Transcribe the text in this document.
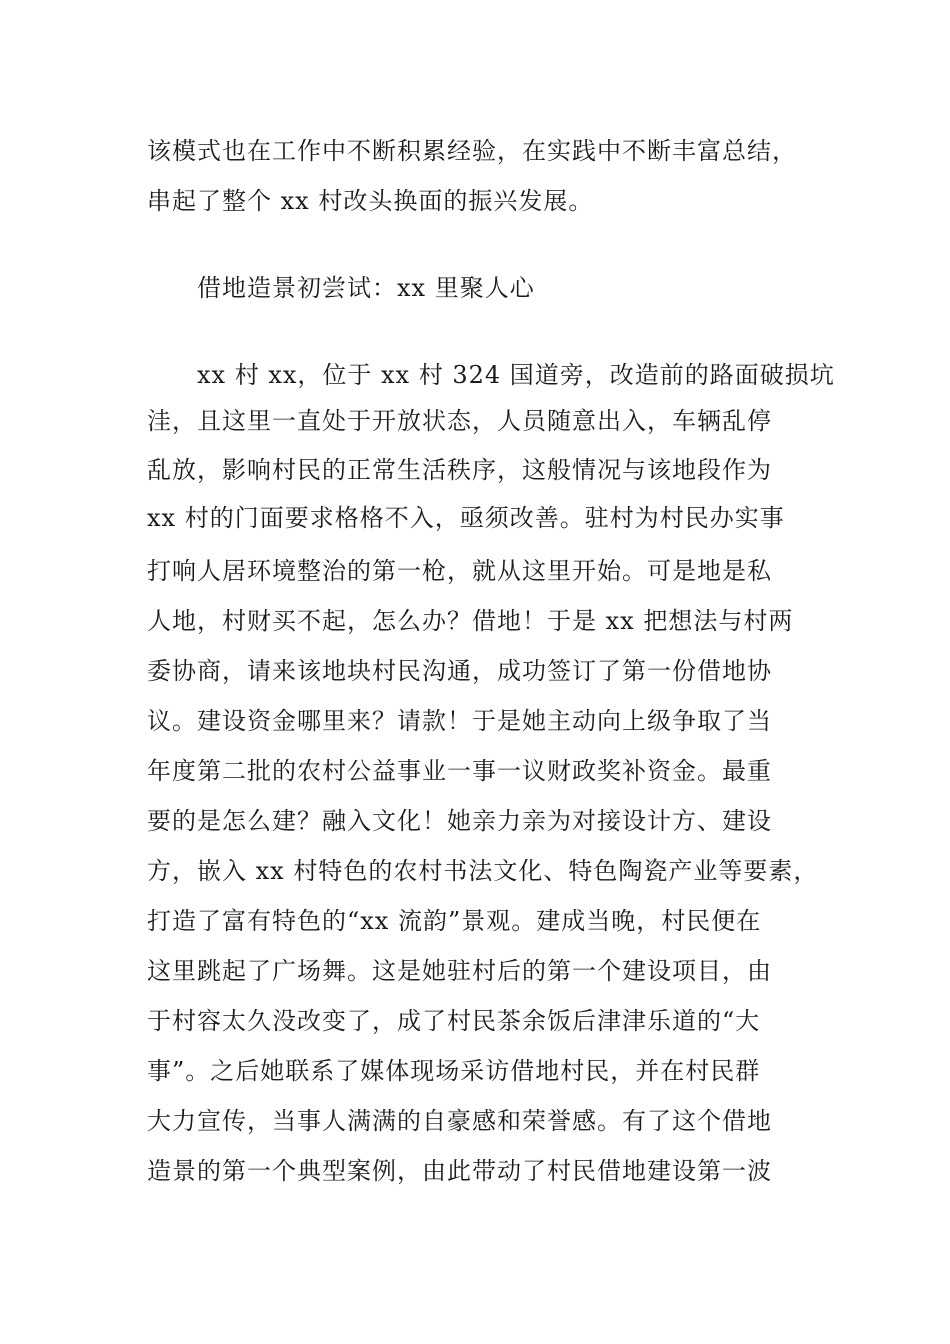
该模式也在工作中不断积累经验，在实践中不断丰富总结，
串起了整个 xx 村改头换面的振兴发展。
借地造景初尝试：xx 里聚人心
xx 村 xx，位于 xx 村 324 国道旁，改造前的路面破损坑
洼，且这里一直处于开放状态，人员随意出入，车辆乱停
乱放，影响村民的正常生活秩序，这般情况与该地段作为
xx 村的门面要求格格不入，亟须改善。驻村为村民办实事
打响人居环境整治的第一枪，就从这里开始。可是地是私
人地，村财买不起，怎么办？借地！于是 xx 把想法与村两
委协商，请来该地块村民沟通，成功签订了第一份借地协
议。建设资金哪里来？请款！于是她主动向上级争取了当
年度第二批的农村公益事业一事一议财政奖补资金。最重
要的是怎么建？融入文化！她亲力亲为对接设计方、建设
方，嵌入 xx 村特色的农村书法文化、特色陶瓷产业等要素，
打造了富有特色的“xx 流韵”景观。建成当晚，村民便在
这里跳起了广场舞。这是她驻村后的第一个建设项目，由
于村容太久没改变了，成了村民茶余饭后津津乐道的“大
事”。之后她联系了媒体现场采访借地村民，并在村民群
大力宣传，当事人满满的自豪感和荣誉感。有了这个借地
造景的第一个典型案例，由此带动了村民借地建设第一波
